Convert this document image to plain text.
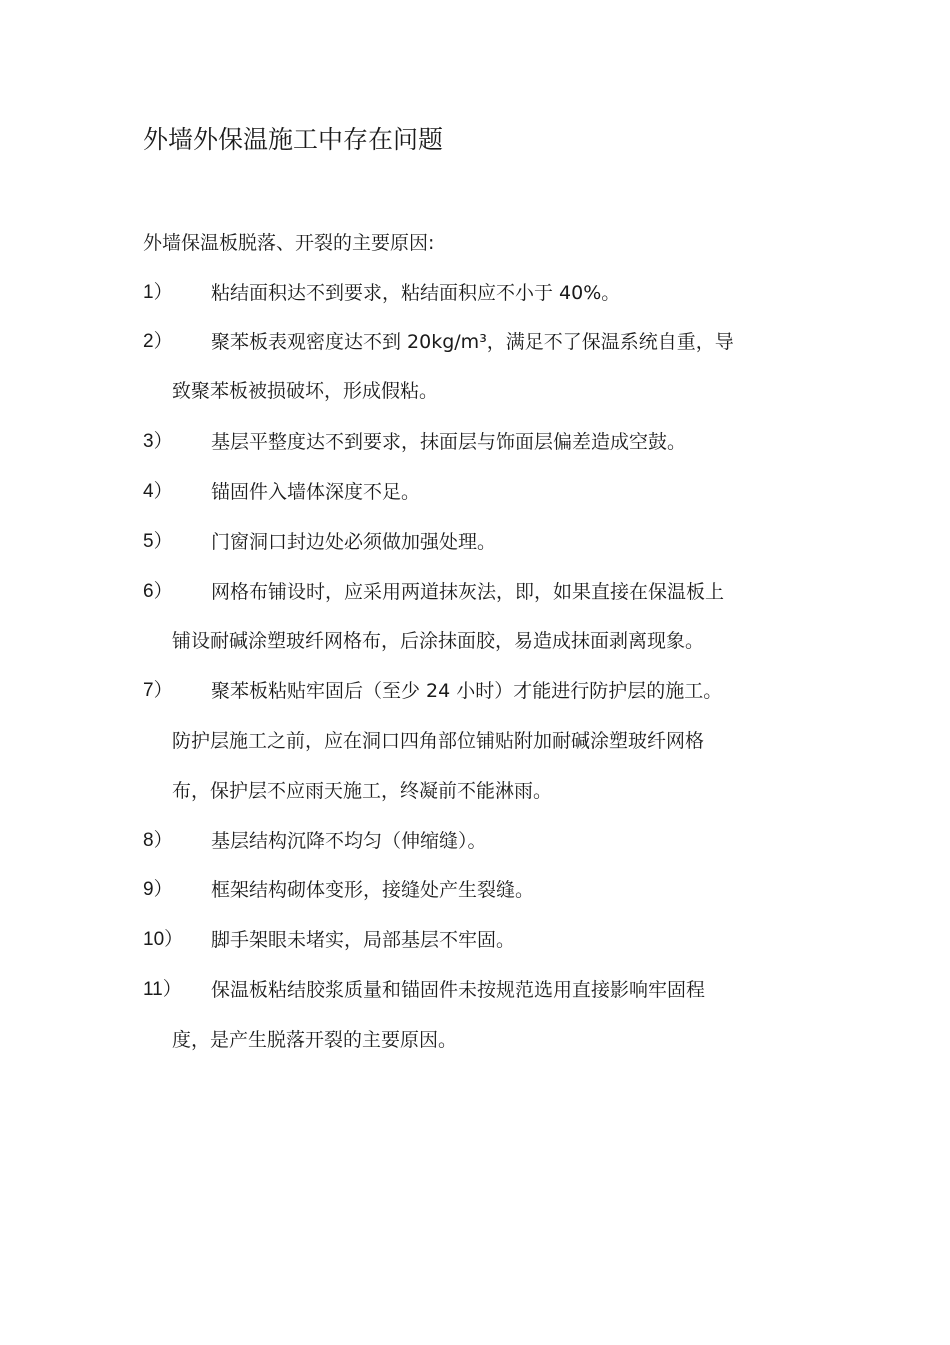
外墙外保温施工中存在问题

外墙保温板脱落、开裂的主要原因:

1） 粘结面积达不到要求，粘结面积应不小于 40%。

2） 聚苯板表观密度达不到 20kg/m³，满足不了保温系统自重，导

致聚苯板被损破坏，形成假粘。

3） 基层平整度达不到要求，抹面层与饰面层偏差造成空鼓。

4） 锚固件入墙体深度不足。

5） 门窗洞口封边处必须做加强处理。

6） 网格布铺设时，应采用两道抹灰法，即，如果直接在保温板上

铺设耐碱涂塑玻纤网格布，后涂抹面胶，易造成抹面剥离现象。

7） 聚苯板粘贴牢固后（至少 24 小时）才能进行防护层的施工。

防护层施工之前，应在洞口四角部位铺贴附加耐碱涂塑玻纤网格

布，保护层不应雨天施工，终凝前不能淋雨。

8） 基层结构沉降不均匀（伸缩缝）。

9） 框架结构砌体变形，接缝处产生裂缝。

10） 脚手架眼未堵实，局部基层不牢固。

11） 保温板粘结胶浆质量和锚固件未按规范选用直接影响牢固程

度，是产生脱落开裂的主要原因。
